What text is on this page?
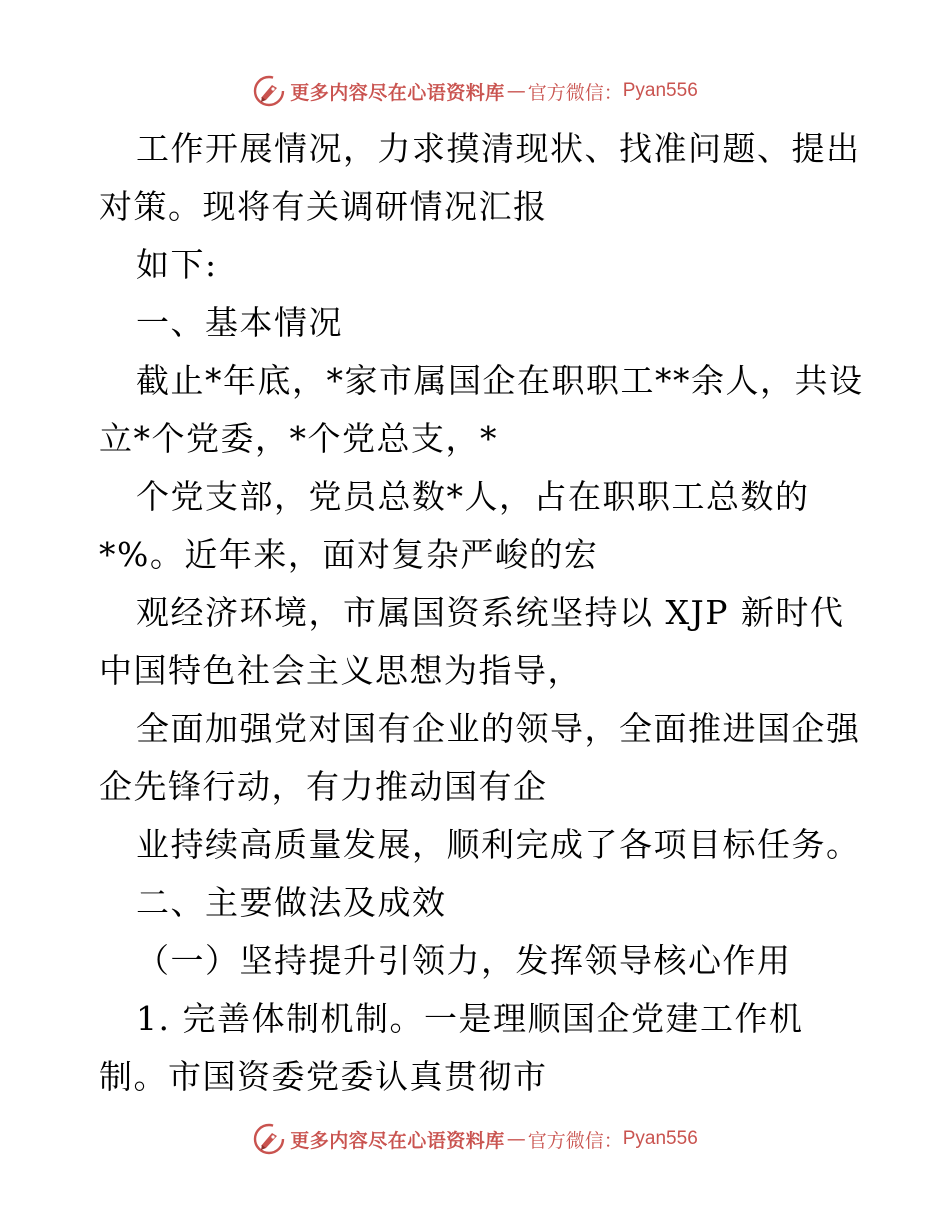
更多内容尽在心语资料库 — 官方微信： Pyan556
工作开展情况，力求摸清现状、找准问题、提出
对策。现将有关调研情况汇报
如下:
一、基本情况
截止*年底，*家市属国企在职职工**余人，共设
立*个党委，*个党总支，*
个党支部，党员总数*人，占在职职工总数的
*%。近年来，面对复杂严峻的宏
观经济环境，市属国资系统坚持以 XJP 新时代
中国特色社会主义思想为指导，
全面加强党对国有企业的领导，全面推进国企强
企先锋行动，有力推动国有企
业持续高质量发展，顺利完成了各项目标任务。
二、主要做法及成效
（一）坚持提升引领力，发挥领导核心作用
1. 完善体制机制。一是理顺国企党建工作机
制。市国资委党委认真贯彻市
更多内容尽在心语资料库 — 官方微信： Pyan556
